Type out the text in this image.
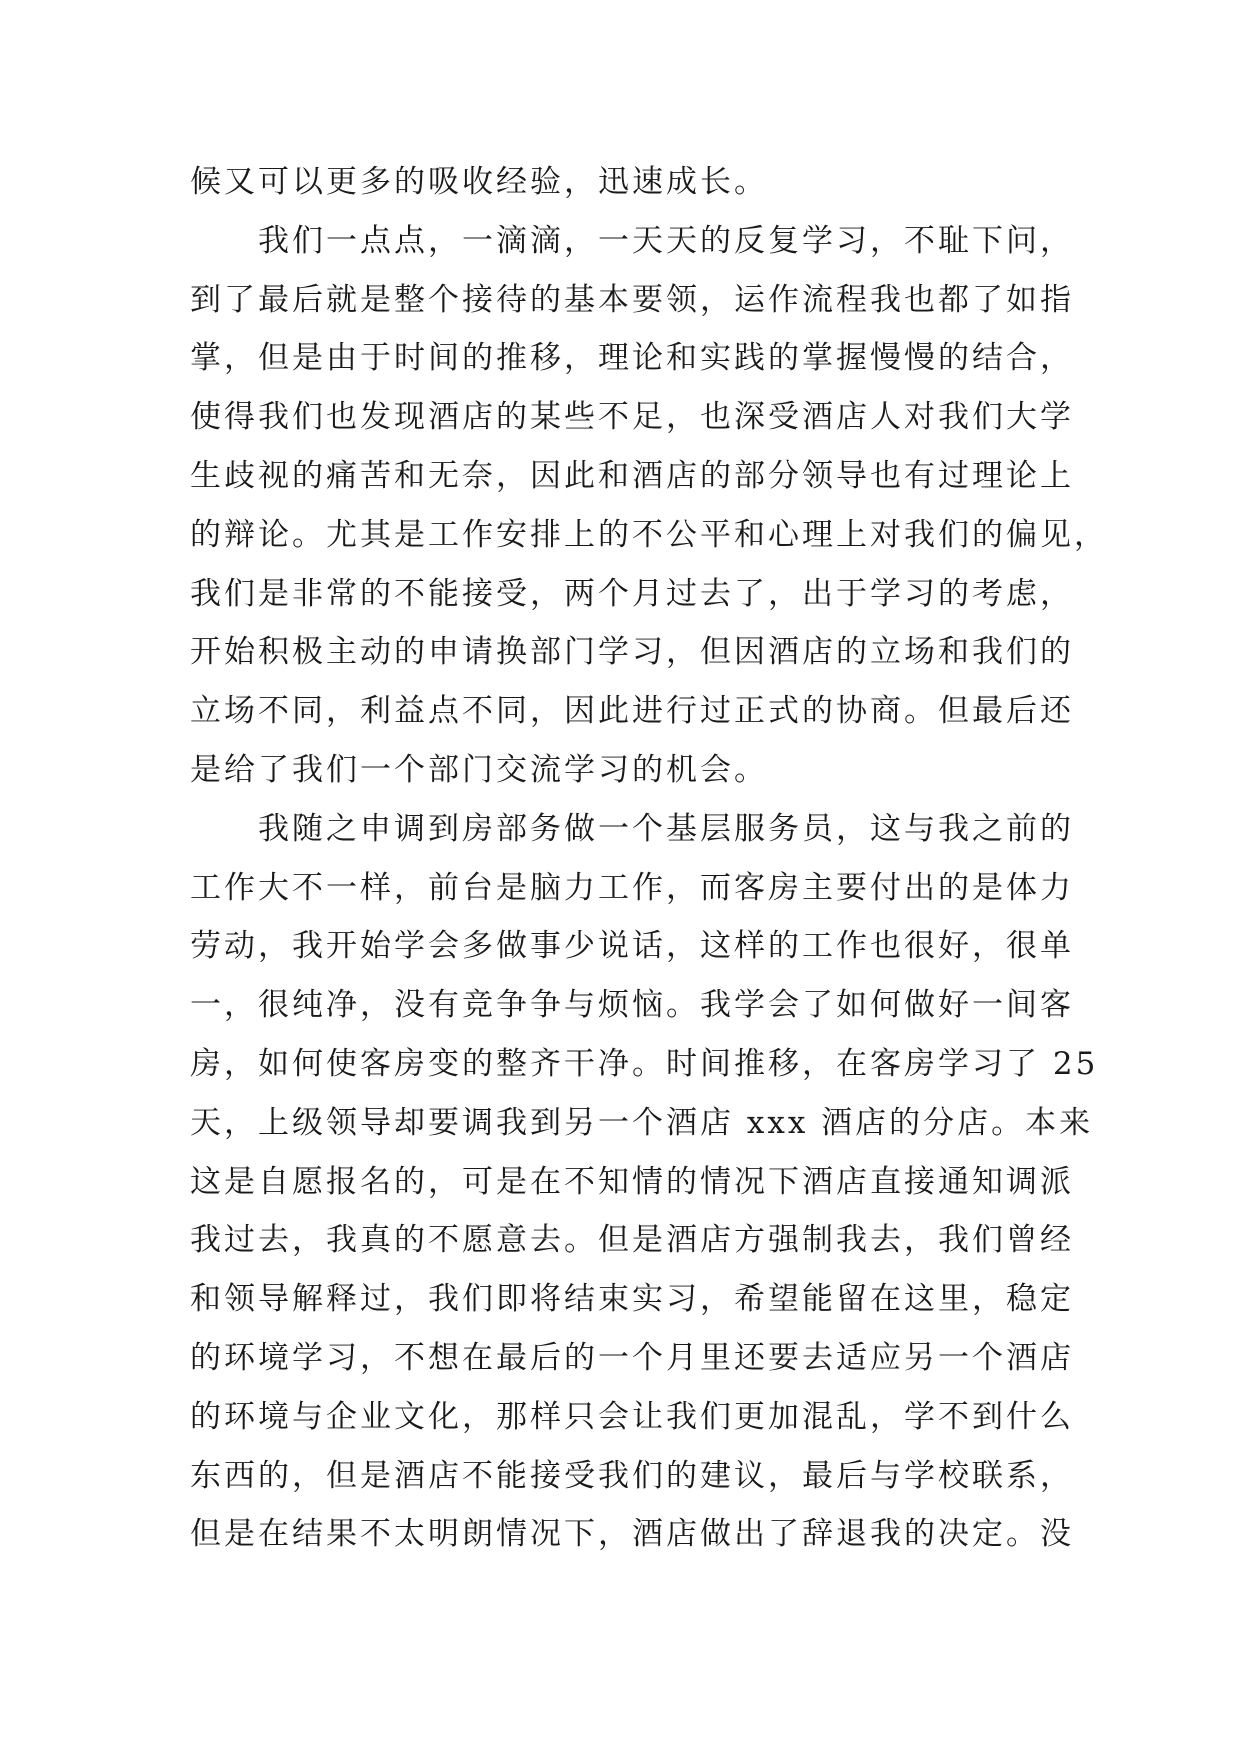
候又可以更多的吸收经验，迅速成长。
我们一点点，一滴滴，一天天的反复学习，不耻下问，
到了最后就是整个接待的基本要领，运作流程我也都了如指
掌，但是由于时间的推移，理论和实践的掌握慢慢的结合，
使得我们也发现酒店的某些不足，也深受酒店人对我们大学
生歧视的痛苦和无奈，因此和酒店的部分领导也有过理论上
的辩论。尤其是工作安排上的不公平和心理上对我们的偏见，
我们是非常的不能接受，两个月过去了，出于学习的考虑，
开始积极主动的申请换部门学习，但因酒店的立场和我们的
立场不同，利益点不同，因此进行过正式的协商。但最后还
是给了我们一个部门交流学习的机会。
我随之申调到房部务做一个基层服务员，这与我之前的
工作大不一样，前台是脑力工作，而客房主要付出的是体力
劳动，我开始学会多做事少说话，这样的工作也很好，很单
一，很纯净，没有竞争争与烦恼。我学会了如何做好一间客
房，如何使客房变的整齐干净。时间推移，在客房学习了 25
天，上级领导却要调我到另一个酒店 xxx 酒店的分店。本来
这是自愿报名的，可是在不知情的情况下酒店直接通知调派
我过去，我真的不愿意去。但是酒店方强制我去，我们曾经
和领导解释过，我们即将结束实习，希望能留在这里，稳定
的环境学习，不想在最后的一个月里还要去适应另一个酒店
的环境与企业文化，那样只会让我们更加混乱，学不到什么
东西的，但是酒店不能接受我们的建议，最后与学校联系，
但是在结果不太明朗情况下，酒店做出了辞退我的决定。没
